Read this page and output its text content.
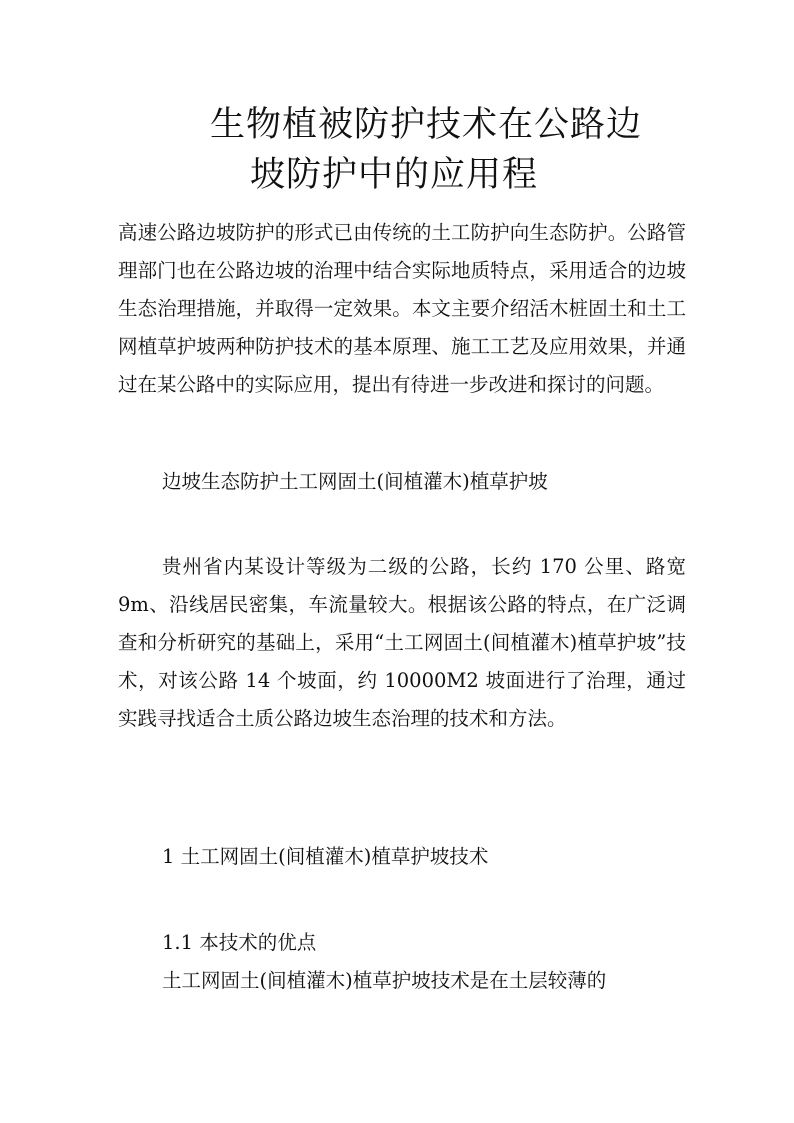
生物植被防护技术在公路边
坡防护中的应用程

高速公路边坡防护的形式已由传统的土工防护向生态防护。公路管理部门也在公路边坡的治理中结合实际地质特点，采用适合的边坡生态治理措施，并取得一定效果。本文主要介绍活木桩固土和土工网植草护坡两种防护技术的基本原理、施工工艺及应用效果，并通过在某公路中的实际应用，提出有待进一步改进和探讨的问题。

边坡生态防护土工网固土(间植灌木)植草护坡

贵州省内某设计等级为二级的公路，长约 170 公里、路宽 9m、沿线居民密集，车流量较大。根据该公路的特点，在广泛调查和分析研究的基础上，采用“土工网固土(间植灌木)植草护坡”技术，对该公路 14 个坡面，约 10000M2 坡面进行了治理，通过实践寻找适合土质公路边坡生态治理的技术和方法。

1 土工网固土(间植灌木)植草护坡技术

1.1 本技术的优点

土工网固土(间植灌木)植草护坡技术是在土层较薄的
